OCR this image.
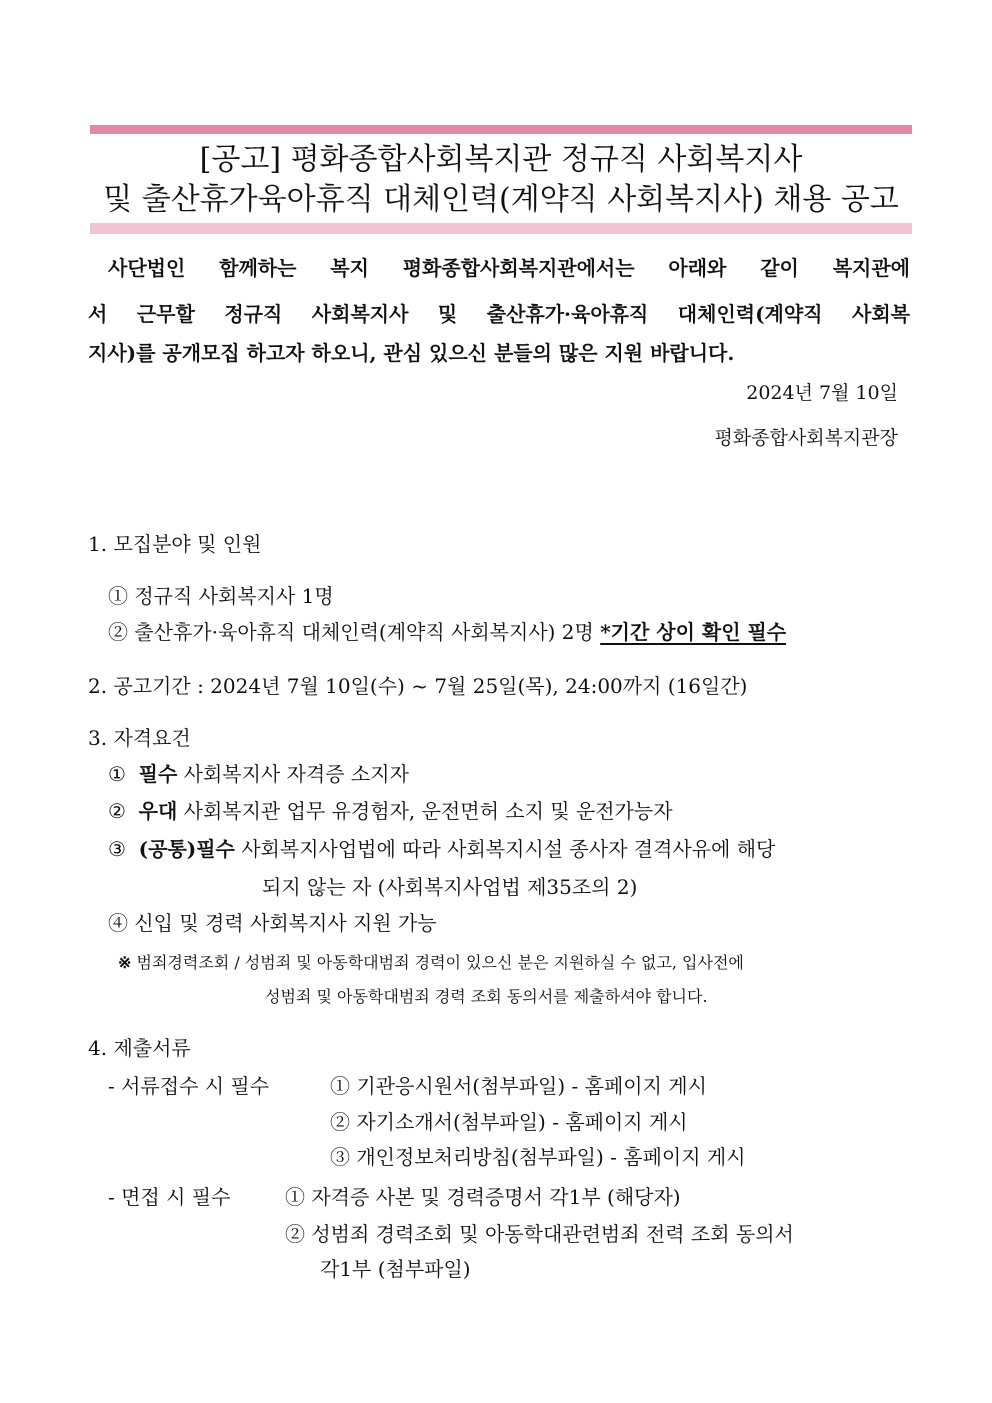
[공고] 평화종합사회복지관 정규직 사회복지사
및 출산휴가육아휴직 대체인력(계약직 사회복지사) 채용 공고
사단법인 함께하는 복지 평화종합사회복지관에서는 아래와 같이 복지관에
서 근무할 정규직 사회복지사 및 출산휴가·육아휴직 대체인력(계약직 사회복
지사)를 공개모집 하고자 하오니, 관심 있으신 분들의 많은 지원 바랍니다.
2024년 7월 10일
평화종합사회복지관장
1. 모집분야 및 인원
① 정규직 사회복지사 1명
② 출산휴가·육아휴직 대체인력(계약직 사회복지사) 2명 *기간 상이 확인 필수
2. 공고기간 : 2024년 7월 10일(수) ~ 7월 25일(목), 24:00까지 (16일간)
3. 자격요건
① 필수 사회복지사 자격증 소지자
② 우대 사회복지관 업무 유경험자, 운전면허 소지 및 운전가능자
③ (공통)필수 사회복지사업법에 따라 사회복지시설 종사자 결격사유에 해당
되지 않는 자 (사회복지사업법 제35조의 2)
④ 신입 및 경력 사회복지사 지원 가능
※ 범죄경력조회 / 성범죄 및 아동학대범죄 경력이 있으신 분은 지원하실 수 없고, 입사전에
성범죄 및 아동학대범죄 경력 조회 동의서를 제출하셔야 합니다.
4. 제출서류
- 서류접수 시 필수	① 기관응시원서(첨부파일) - 홈페이지 게시
② 자기소개서(첨부파일) - 홈페이지 게시
③ 개인정보처리방침(첨부파일) - 홈페이지 게시
- 면접 시 필수	① 자격증 사본 및 경력증명서 각1부 (해당자)
② 성범죄 경력조회 및 아동학대관련범죄 전력 조회 동의서
각1부 (첨부파일)
